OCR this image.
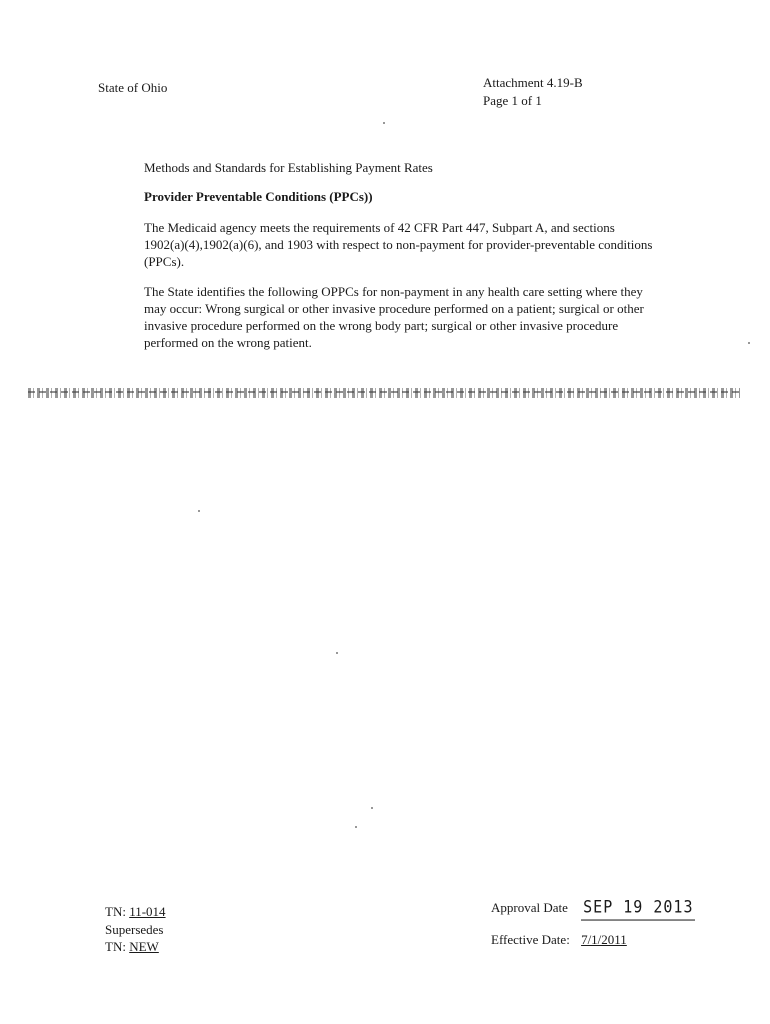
State of Ohio	Attachment 4.19-B
Page 1 of 1

Methods and Standards for Establishing Payment Rates

Provider Preventable Conditions (PPCs))

The Medicaid agency meets the requirements of 42 CFR Part 447, Subpart A, and sections 1902(a)(4),1902(a)(6), and 1903 with respect to non-payment for provider-preventable conditions (PPCs).

The State identifies the following OPPCs for non-payment in any health care setting where they may occur: Wrong surgical or other invasive procedure performed on a patient; surgical or other invasive procedure performed on the wrong body part; surgical or other invasive procedure performed on the wrong patient.

TN: 11-014
Supersedes
TN: NEW
Approval Date SEP 19 2013
Effective Date: 7/1/2011
